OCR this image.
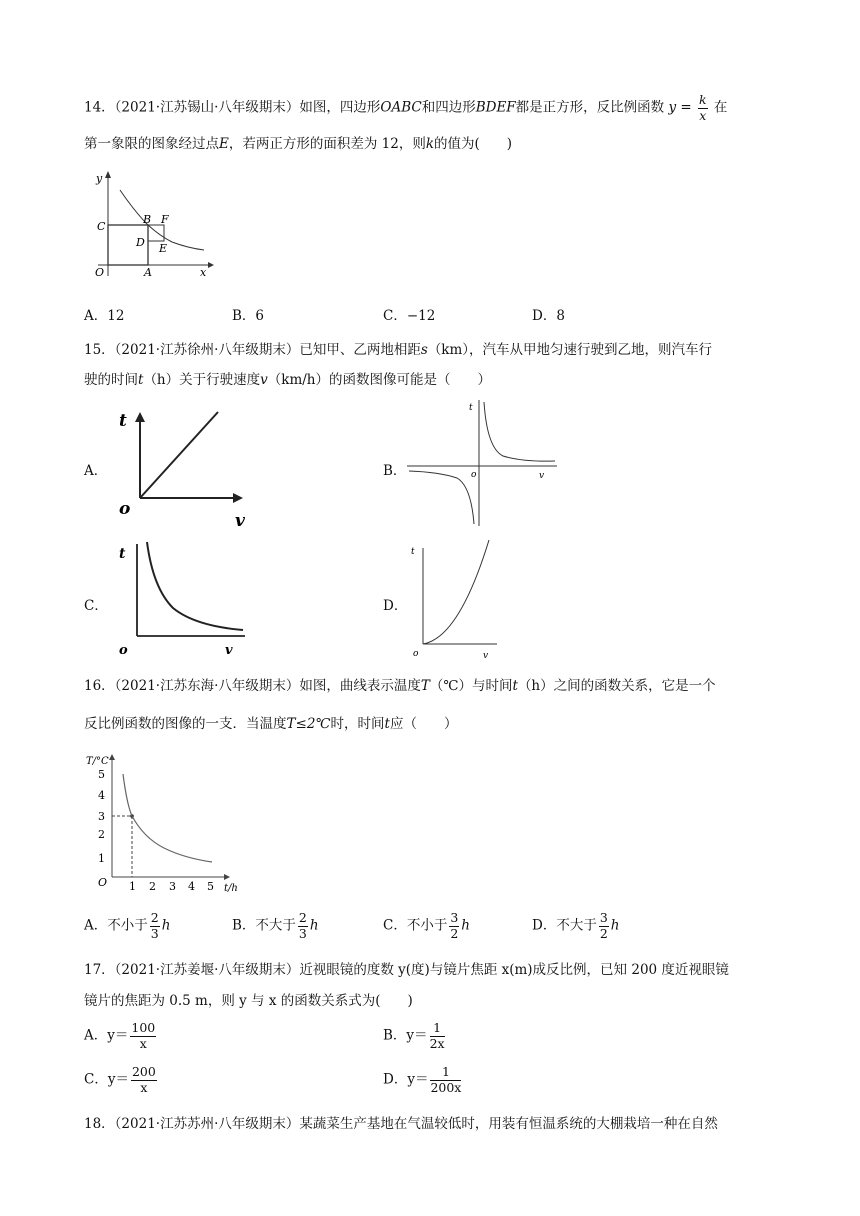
14．（2021·江苏锡山·八年级期末）如图，四边形OABC和四边形BDEF都是正方形，反比例函数 $y = \frac{k}{x}$ 在
第一象限的图象经过点E，若两正方形的面积差为 12，则k的值为(　　)
y
x
O	A
B
C
D E
F
A．12	B．6	C．−12	D．8
15．（2021·江苏徐州·八年级期末）已知甲、乙两地相距s（km），汽车从甲地匀速行驶到乙地，则汽车行
驶的时间t（h）关于行驶速度v（km/h）的函数图像可能是（　　）
A．
t
o
v
B．
t
o	v
C．
t
o	v
D．
t
o	v
16．（2021·江苏东海·八年级期末）如图，曲线表示温度T（℃）与时间t（h）之间的函数关系，它是一个
反比例函数的图像的一支．当温度T≤2℃时，时间t应（　　）
1
2
3
4
5
1 2 3 4 5
T/°C
t/h
O
A．不小于 $\frac{2}{3}$ h	B．不大于 $\frac{2}{3}$ h	C．不小于 $\frac{3}{2}$ h	D．不大于 $\frac{3}{2}$ h
17．（2021·江苏姜堰·八年级期末）近视眼镜的度数 y(度)与镜片焦距 x(m)成反比例，已知 200 度近视眼镜
镜片的焦距为 0.5 m，则 y 与 x 的函数关系式为(　　)
A．$y= \frac{100}{x}$	B．$y= \frac{1}{2x}$
C．$y= \frac{200}{x}$	D．$y= \frac{1}{200x}$
18．（2021·江苏苏州·八年级期末）某蔬菜生产基地在气温较低时，用装有恒温系统的大棚栽培一种在自然
